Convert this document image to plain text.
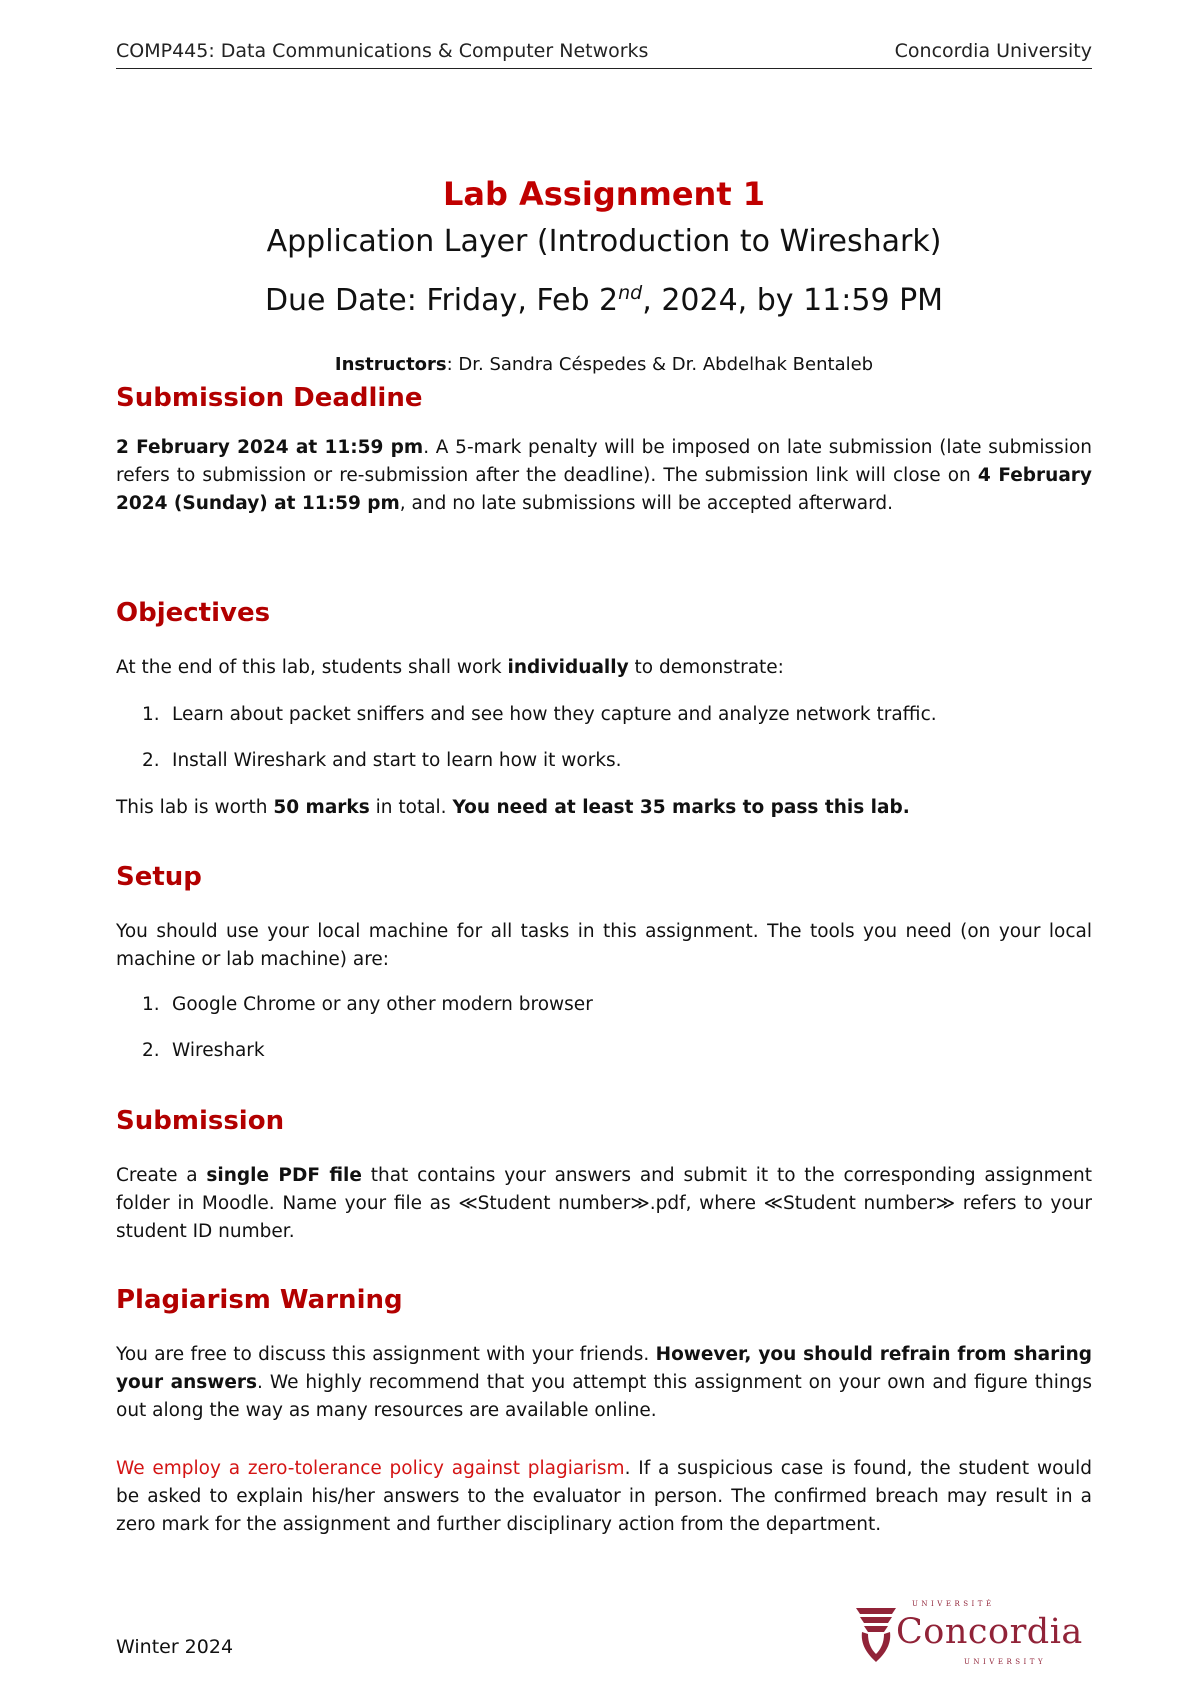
COMP445: Data Communications & Computer Networks	Concordia University
Lab Assignment 1
Application Layer (Introduction to Wireshark)
Due Date: Friday, Feb 2nd, 2024, by 11:59 PM
Instructors: Dr. Sandra Céspedes & Dr. Abdelhak Bentaleb
Submission Deadline

2 February 2024 at 11:59 pm. A 5-mark penalty will be imposed on late submission (late submission refers to submission or re-submission after the deadline). The submission link will close on 4 February 2024 (Sunday) at 11:59 pm, and no late submissions will be accepted afterward.

Objectives

At the end of this lab, students shall work individually to demonstrate:

1. Learn about packet sniffers and see how they capture and analyze network traffic.
2. Install Wireshark and start to learn how it works.

This lab is worth 50 marks in total. You need at least 35 marks to pass this lab.

Setup

You should use your local machine for all tasks in this assignment. The tools you need (on your local machine or lab machine) are:

1. Google Chrome or any other modern browser
2. Wireshark
Submission

Create a single PDF file that contains your answers and submit it to the corresponding assignment folder in Moodle. Name your file as ≪Student number≫.pdf, where ≪Student number≫ refers to your student ID number.

Plagiarism Warning

You are free to discuss this assignment with your friends. However, you should refrain from sharing your answers. We highly recommend that you attempt this assignment on your own and figure things out along the way as many resources are available online.

We employ a zero-tolerance policy against plagiarism. If a suspicious case is found, the student would be asked to explain his/her answers to the evaluator in person. The confirmed breach may result in a zero mark for the assignment and further disciplinary action from the department.

Winter 2024
UNIVERSITÉ
Concordia
UNIVERSITY
